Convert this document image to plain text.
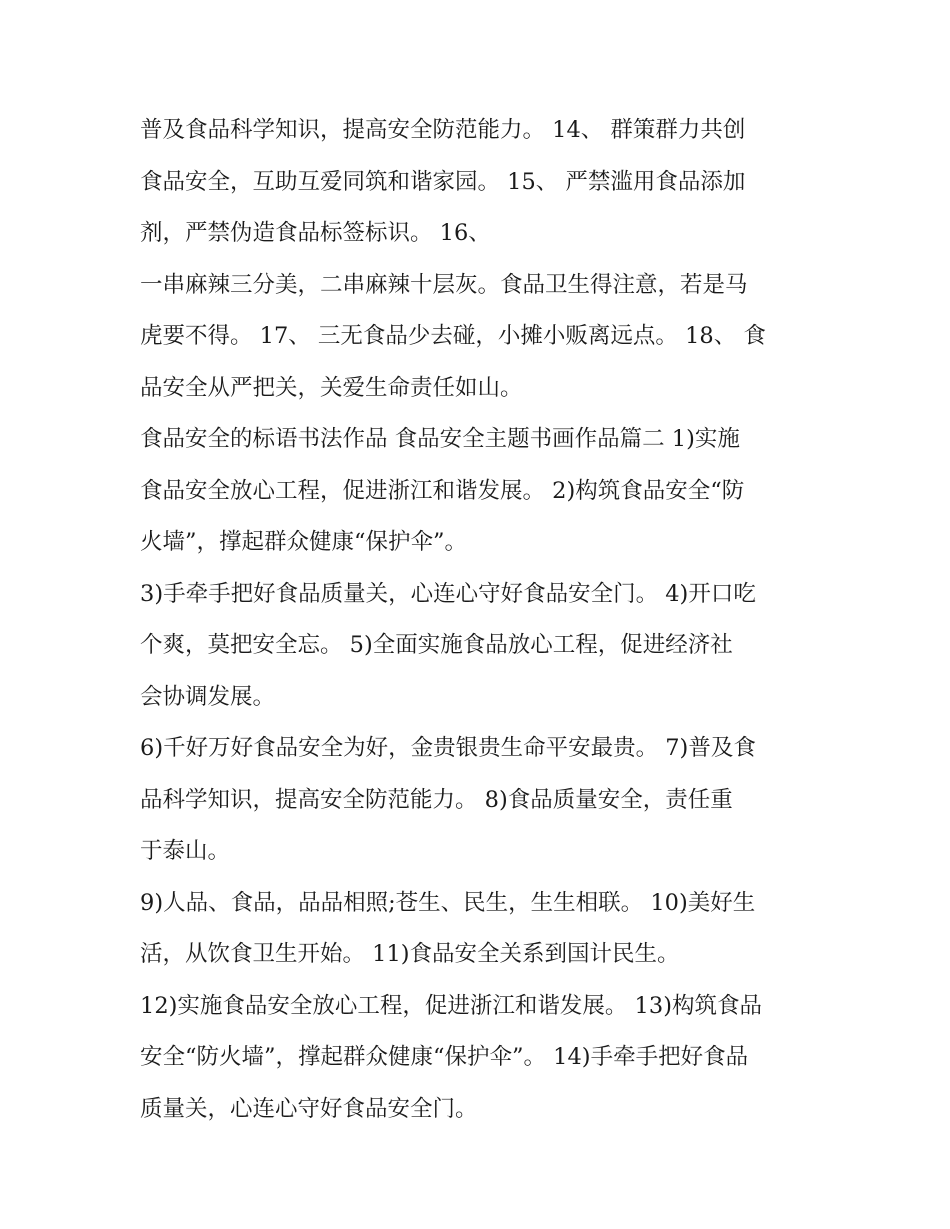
普及食品科学知识，提高安全防范能力。 14、 群策群力共创
食品安全，互助互爱同筑和谐家园。 15、 严禁滥用食品添加
剂，严禁伪造食品标签标识。 16、
一串麻辣三分美，二串麻辣十层灰。食品卫生得注意，若是马
虎要不得。 17、 三无食品少去碰，小摊小贩离远点。 18、 食
品安全从严把关，关爱生命责任如山。
食品安全的标语书法作品 食品安全主题书画作品篇二 1)实施
食品安全放心工程，促进浙江和谐发展。 2)构筑食品安全“防
火墙”，撑起群众健康“保护伞”。
3)手牵手把好食品质量关，心连心守好食品安全门。 4)开口吃
个爽，莫把安全忘。 5)全面实施食品放心工程，促进经济社
会协调发展。
6)千好万好食品安全为好，金贵银贵生命平安最贵。 7)普及食
品科学知识，提高安全防范能力。 8)食品质量安全，责任重
于泰山。
9)人品、食品，品品相照;苍生、民生，生生相联。 10)美好生
活，从饮食卫生开始。 11)食品安全关系到国计民生。
12)实施食品安全放心工程，促进浙江和谐发展。 13)构筑食品
安全“防火墙”，撑起群众健康“保护伞”。 14)手牵手把好食品
质量关，心连心守好食品安全门。
